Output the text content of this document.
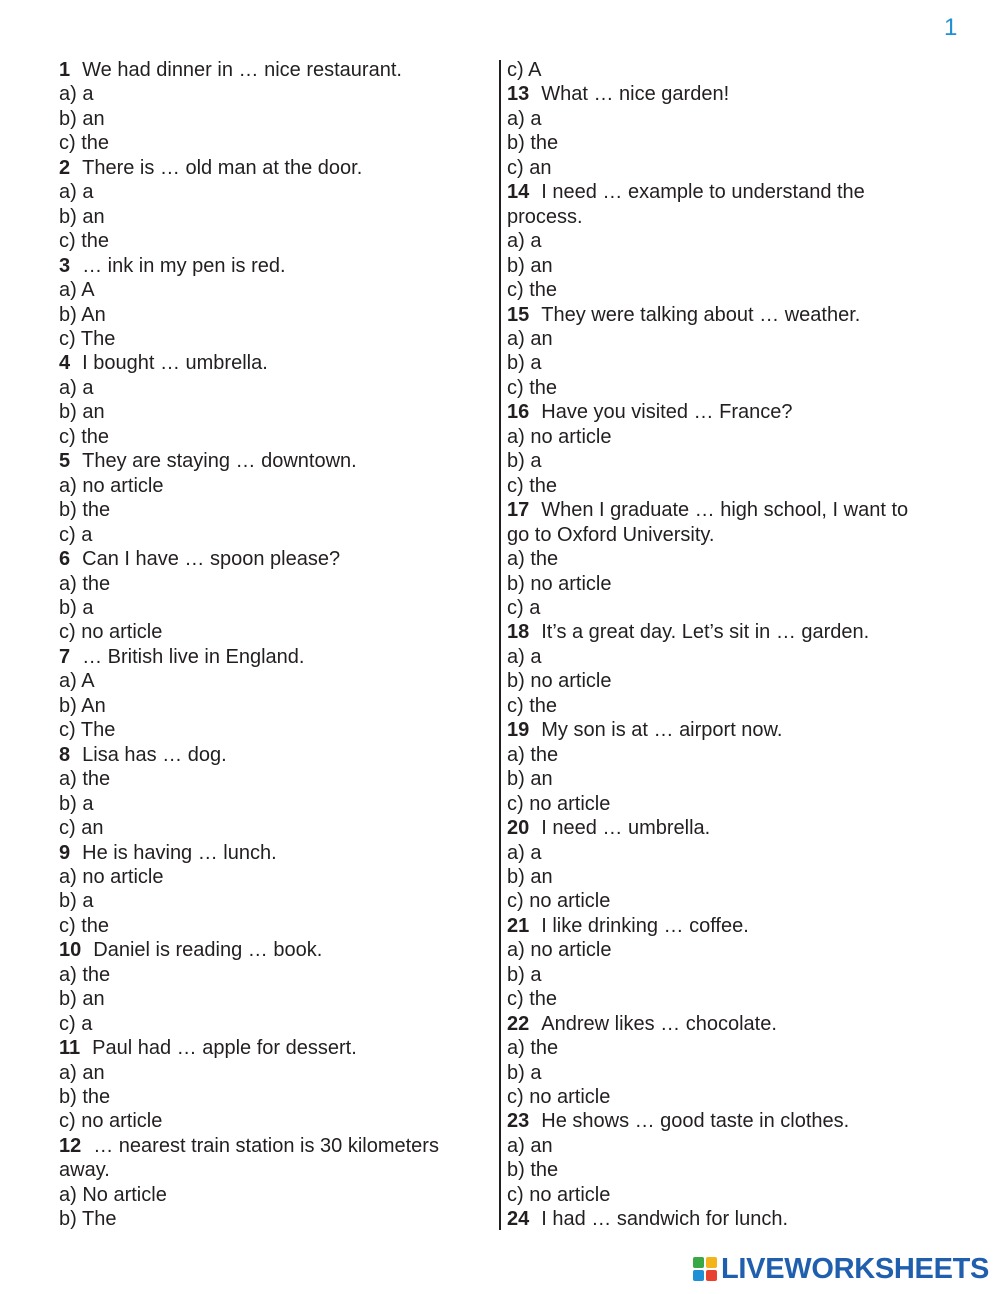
1
1 We had dinner in … nice restaurant.
a) a
b) an
c) the
2 There is … old man at the door.
a) a
b) an
c) the
3 … ink in my pen is red.
a) A
b) An
c) The
4 I bought … umbrella.
a) a
b) an
c) the
5 They are staying … downtown.
a) no article
b) the
c) a
6 Can I have … spoon please?
a) the
b) a
c) no article
7 … British live in England.
a) A
b) An
c) The
8 Lisa has … dog.
a) the
b) a
c) an
9 He is having … lunch.
a) no article
b) a
c) the
10 Daniel is reading … book.
a) the
b) an
c) a
11 Paul had … apple for dessert.
a) an
b) the
c) no article
12 … nearest train station is 30 kilometers
away.
a) No article
b) The
c) A
13 What … nice garden!
a) a
b) the
c) an
14 I need … example to understand the
process.
a) a
b) an
c) the
15 They were talking about … weather.
a) an
b) a
c) the
16 Have you visited … France?
a) no article
b) a
c) the
17 When I graduate … high school, I want to
go to Oxford University.
a) the
b) no article
c) a
18 It’s a great day. Let’s sit in … garden.
a) a
b) no article
c) the
19 My son is at … airport now.
a) the
b) an
c) no article
20 I need … umbrella.
a) a
b) an
c) no article
21 I like drinking … coffee.
a) no article
b) a
c) the
22 Andrew likes … chocolate.
a) the
b) a
c) no article
23 He shows … good taste in clothes.
a) an
b) the
c) no article
24 I had … sandwich for lunch.
LIVEWORKSHEETS
